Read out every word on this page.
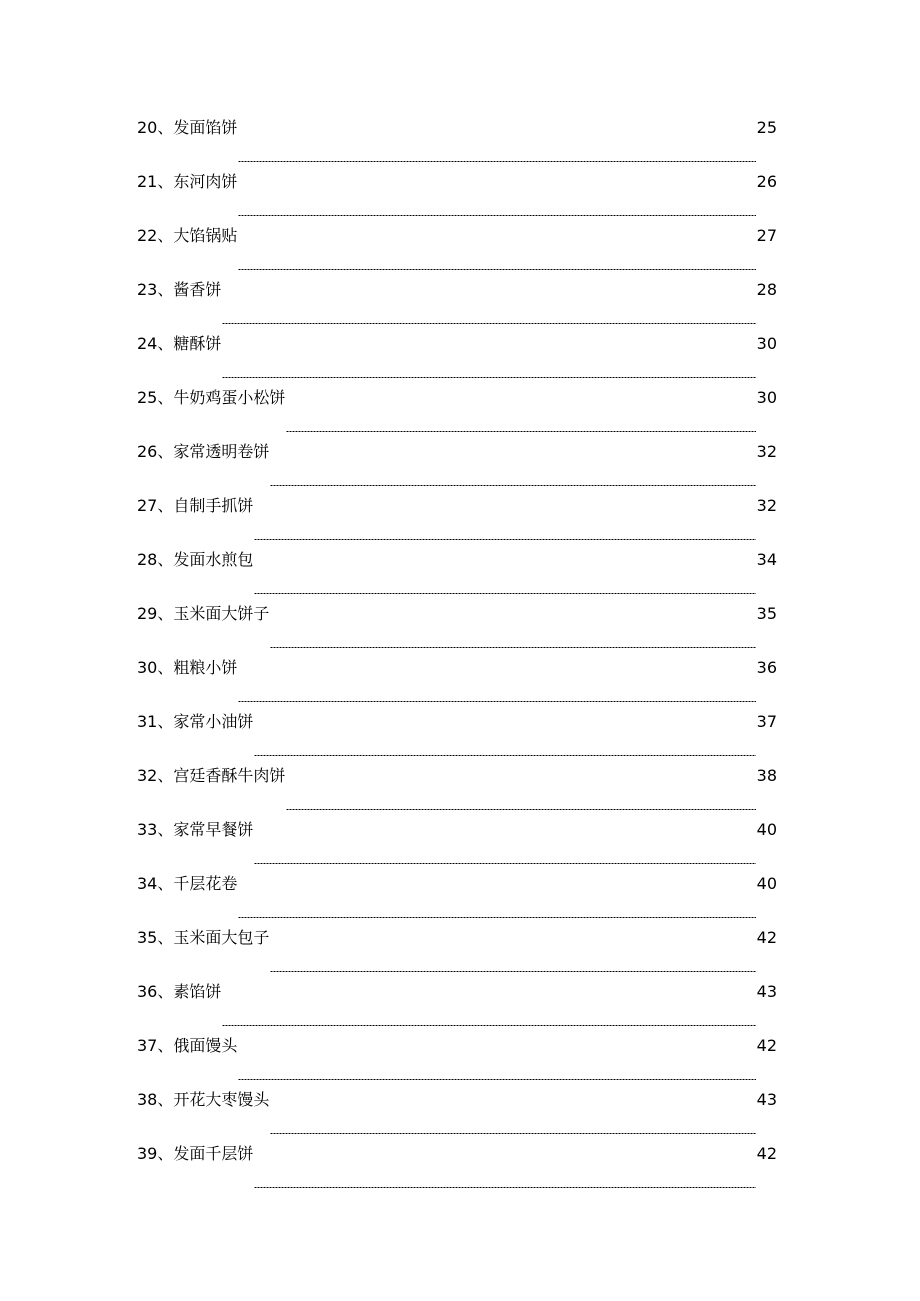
20、发面馅饼	25
21、东河肉饼	26
22、大馅锅贴	27
23、酱香饼	28
24、糖酥饼	30
25、牛奶鸡蛋小松饼	30
26、家常透明卷饼	32
27、自制手抓饼	32
28、发面水煎包	34
29、玉米面大饼子	35
30、粗粮小饼	36
31、家常小油饼	37
32、宫廷香酥牛肉饼	38
33、家常早餐饼	40
34、千层花卷	40
35、玉米面大包子	42
36、素馅饼	43
37、俄面馒头	42
38、开花大枣馒头	43
39、发面千层饼	42
